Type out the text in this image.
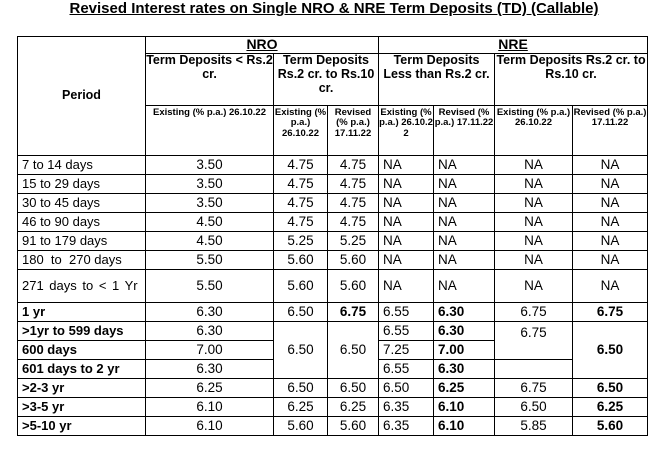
Revised Interest rates on Single NRO & NRE Term Deposits (TD) (Callable)
Period	NRO			NRE			
	Term Deposits < Rs.2 cr.	Term Deposits Rs.2 cr. to Rs.10 cr.		Term Deposits Less than Rs.2 cr.		Term Deposits Rs.2 cr. to Rs.10 cr.	
	Existing (% p.a.) 26.10.22	Existing (% p.a.) 26.10.22	Revised (% p.a.) 17.11.22	Existing (% p.a.) 26.10.2 2	Revised (% p.a.) 17.11.22	Existing (% p.a.) 26.10.22	Revised (% p.a.) 17.11.22
7 to 14 days	3.50	4.75	4.75	NA	NA	NA	NA
15 to 29 days	3.50	4.75	4.75	NA	NA	NA	NA
30 to 45 days	3.50	4.75	4.75	NA	NA	NA	NA
46 to 90 days	4.50	4.75	4.75	NA	NA	NA	NA
91 to 179 days	4.50	5.25	5.25	NA	NA	NA	NA
180  to  270 days	5.50	5.60	5.60	NA	NA	NA	NA
271 days to < 1 Yr	5.50	5.60	5.60	NA	NA	NA	NA
1 yr	6.30	6.50	6.75	6.55	6.30	6.75	6.75
>1yr to 599 days	6.30	6.50	6.50	6.55	6.30	6.75	6.50
600 days	7.00			7.25	7.00		
601 days to 2 yr	6.30			6.55	6.30		
>2-3 yr	6.25	6.50	6.50	6.50	6.25	6.75	6.50
>3-5 yr	6.10	6.25	6.25	6.35	6.10	6.50	6.25
>5-10 yr	6.10	5.60	5.60	6.35	6.10	5.85	5.60
